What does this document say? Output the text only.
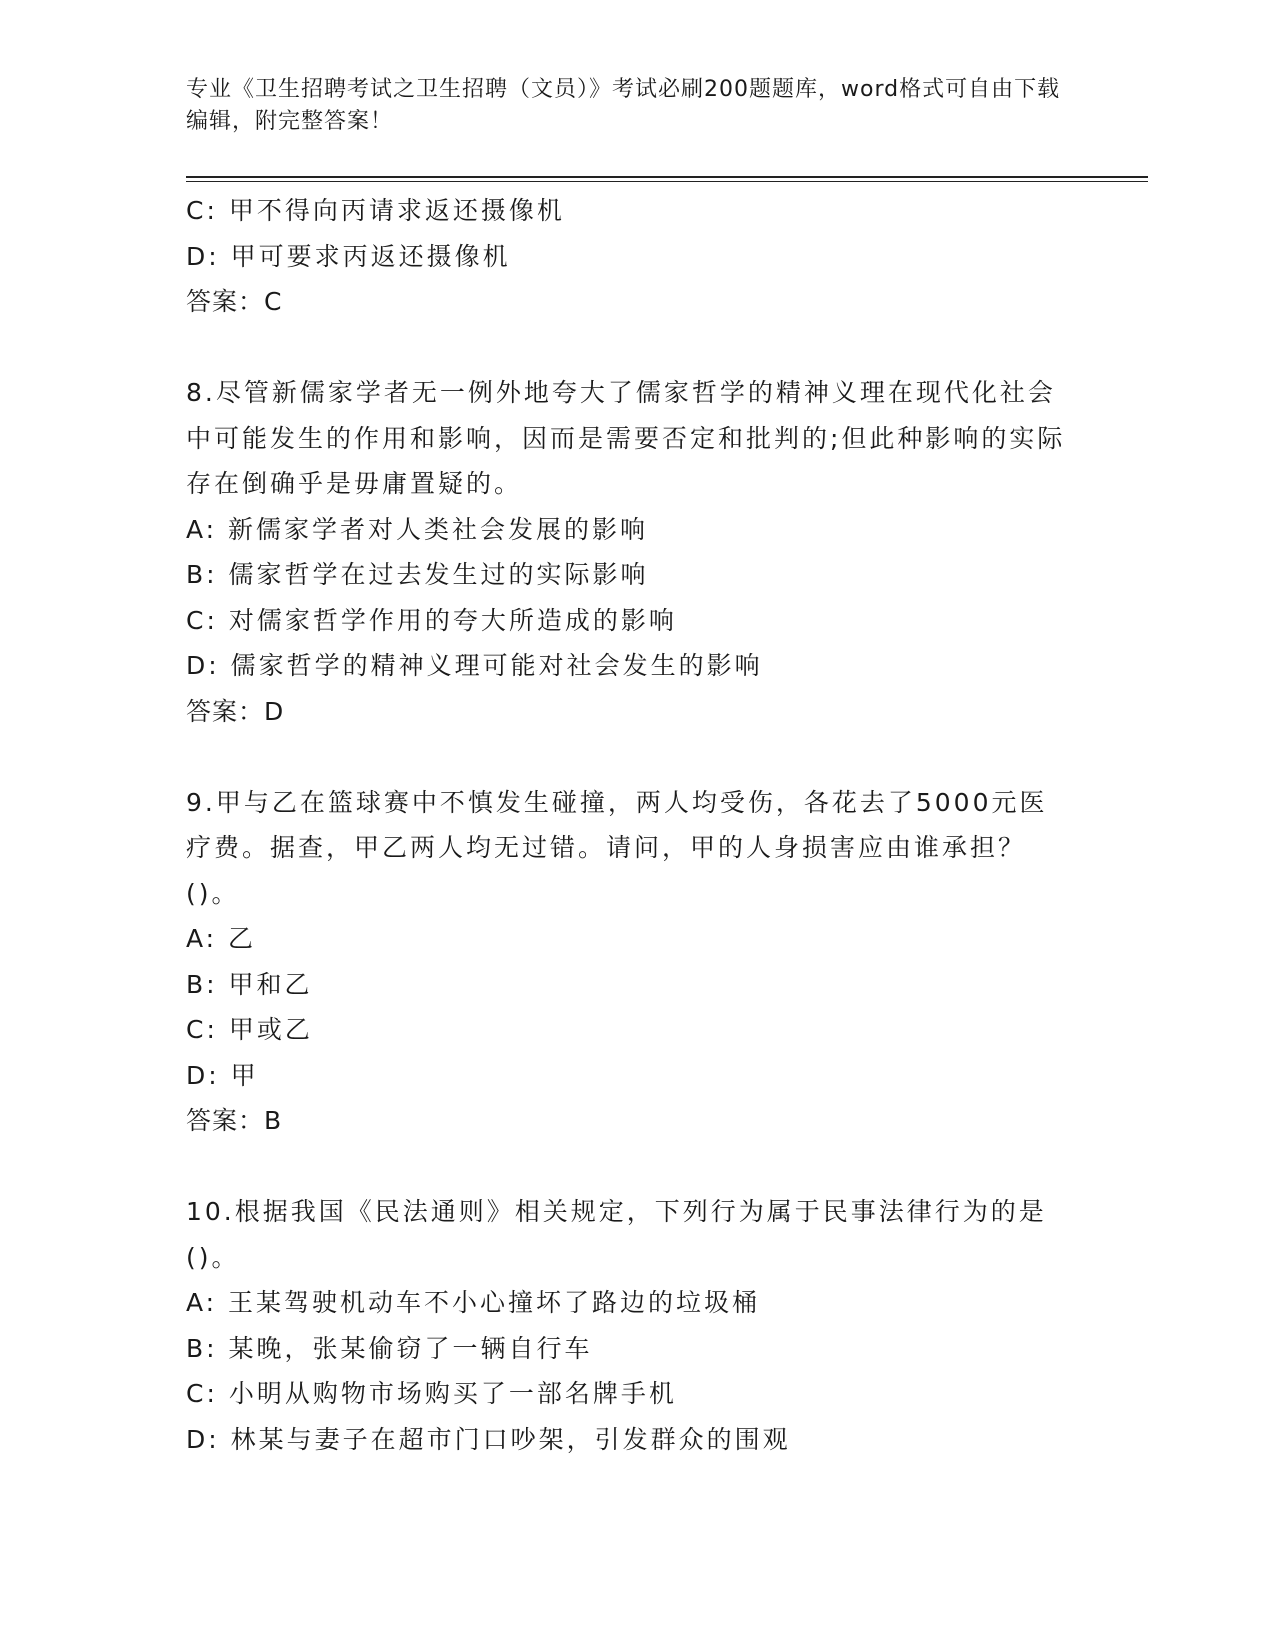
专业《卫生招聘考试之卫生招聘（文员）》考试必刷200题题库，word格式可自由下载编辑，附完整答案！
C: 甲不得向丙请求返还摄像机
D: 甲可要求丙返还摄像机
答案：C
8.尽管新儒家学者无一例外地夸大了儒家哲学的精神义理在现代化社会中可能发生的作用和影响，因而是需要否定和批判的;但此种影响的实际存在倒确乎是毋庸置疑的。
A: 新儒家学者对人类社会发展的影响
B: 儒家哲学在过去发生过的实际影响
C: 对儒家哲学作用的夸大所造成的影响
D: 儒家哲学的精神义理可能对社会发生的影响
答案：D
9.甲与乙在篮球赛中不慎发生碰撞，两人均受伤，各花去了5000元医疗费。据查，甲乙两人均无过错。请问，甲的人身损害应由谁承担？()。
A: 乙
B: 甲和乙
C: 甲或乙
D: 甲
答案：B
10.根据我国《民法通则》相关规定，下列行为属于民事法律行为的是()。
A: 王某驾驶机动车不小心撞坏了路边的垃圾桶
B: 某晚，张某偷窃了一辆自行车
C: 小明从购物市场购买了一部名牌手机
D: 林某与妻子在超市门口吵架，引发群众的围观
